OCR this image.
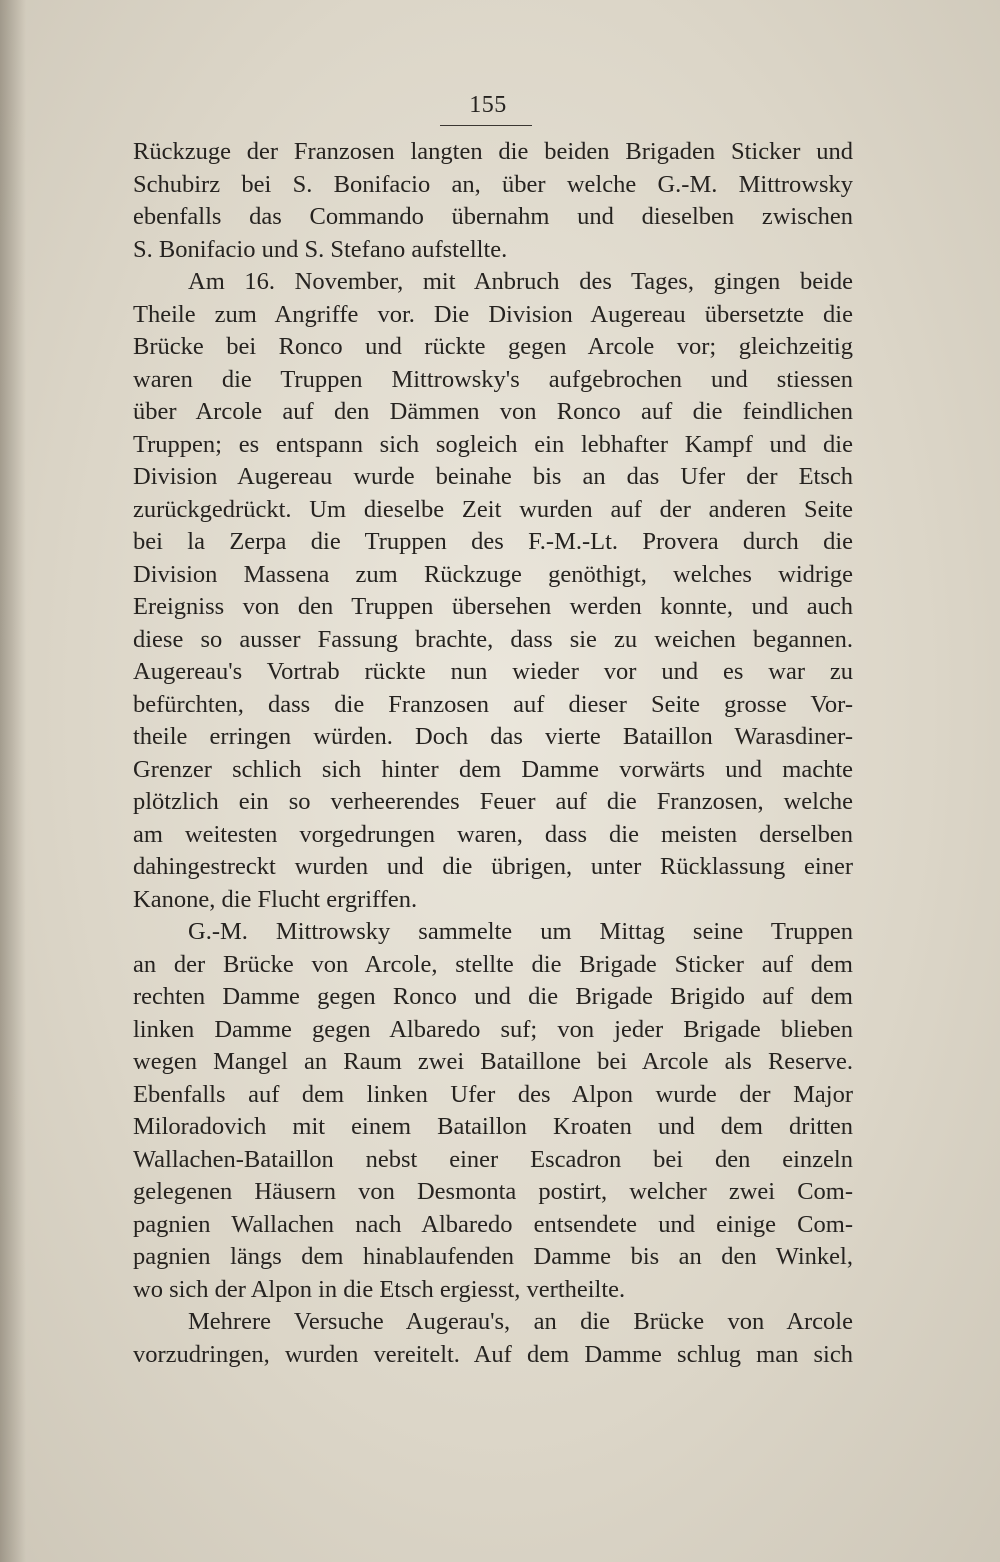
155
Rückzuge der Franzosen langten die beiden Brigaden Sticker und
Schubirz bei S. Bonifacio an, über welche G.-M. Mittrowsky
ebenfalls das Commando übernahm und dieselben zwischen
S. Bonifacio und S. Stefano aufstellte.
Am 16. November, mit Anbruch des Tages, gingen beide
Theile zum Angriffe vor. Die Division Augereau übersetzte die
Brücke bei Ronco und rückte gegen Arcole vor; gleichzeitig
waren die Truppen Mittrowsky's aufgebrochen und stiessen
über Arcole auf den Dämmen von Ronco auf die feindlichen
Truppen; es entspann sich sogleich ein lebhafter Kampf und die
Division Augereau wurde beinahe bis an das Ufer der Etsch
zurückgedrückt. Um dieselbe Zeit wurden auf der anderen Seite
bei la Zerpa die Truppen des F.-M.-Lt. Provera durch die
Division Massena zum Rückzuge genöthigt, welches widrige
Ereigniss von den Truppen übersehen werden konnte, und auch
diese so ausser Fassung brachte, dass sie zu weichen begannen.
Augereau's Vortrab rückte nun wieder vor und es war zu
befürchten, dass die Franzosen auf dieser Seite grosse Vor-
theile erringen würden. Doch das vierte Bataillon Warasdiner-
Grenzer schlich sich hinter dem Damme vorwärts und machte
plötzlich ein so verheerendes Feuer auf die Franzosen, welche
am weitesten vorgedrungen waren, dass die meisten derselben
dahingestreckt wurden und die übrigen, unter Rücklassung einer
Kanone, die Flucht ergriffen.
G.-M. Mittrowsky sammelte um Mittag seine Truppen
an der Brücke von Arcole, stellte die Brigade Sticker auf dem
rechten Damme gegen Ronco und die Brigade Brigido auf dem
linken Damme gegen Albaredo suf; von jeder Brigade blieben
wegen Mangel an Raum zwei Bataillone bei Arcole als Reserve.
Ebenfalls auf dem linken Ufer des Alpon wurde der Major
Miloradovich mit einem Bataillon Kroaten und dem dritten
Wallachen-Bataillon nebst einer Escadron bei den einzeln
gelegenen Häusern von Desmonta postirt, welcher zwei Com-
pagnien Wallachen nach Albaredo entsendete und einige Com-
pagnien längs dem hinablaufenden Damme bis an den Winkel,
wo sich der Alpon in die Etsch ergiesst, vertheilte.
Mehrere Versuche Augerau's, an die Brücke von Arcole
vorzudringen, wurden vereitelt. Auf dem Damme schlug man sich
